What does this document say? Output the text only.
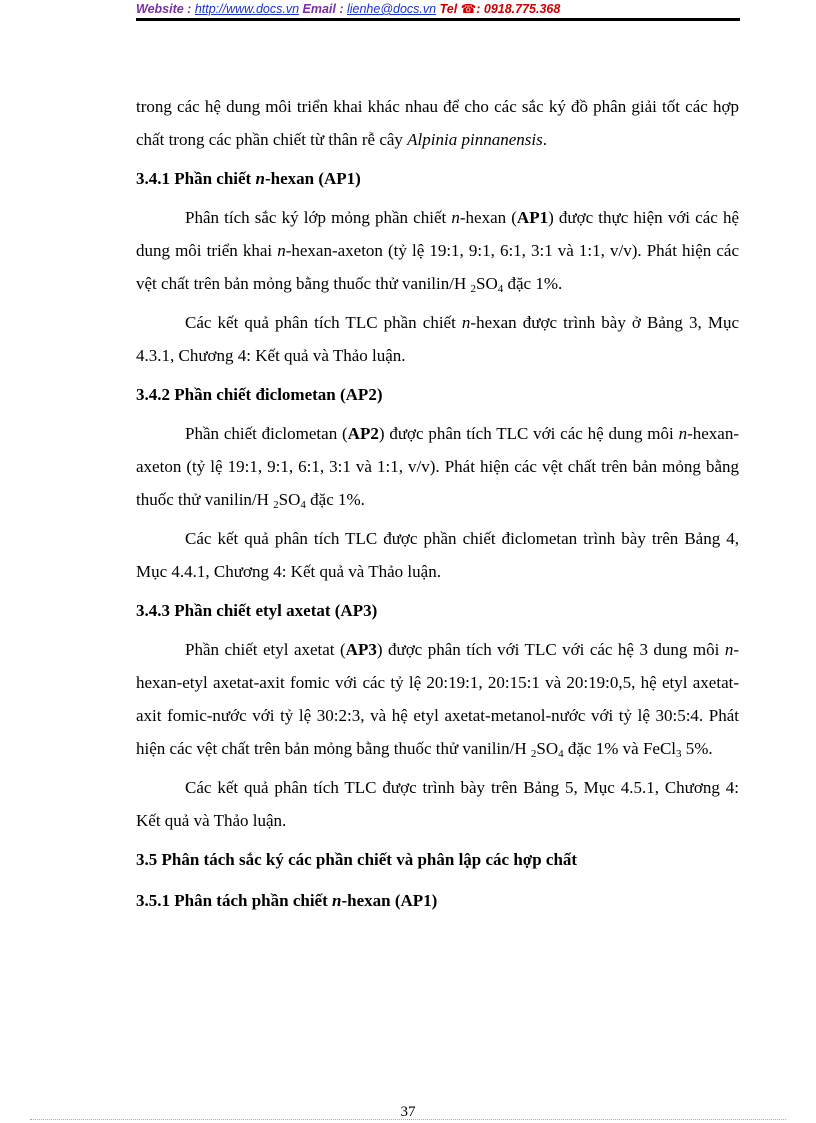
Website : http://www.docs.vn Email : lienhe@docs.vn Tel ☎: 0918.775.368

trong các hệ dung môi triển khai khác nhau để cho các sắc ký đồ phân giải tốt các hợp chất trong các phần chiết từ thân rễ cây Alpinia pinnanensis.

3.4.1 Phần chiết n-hexan (AP1)

Phân tích sắc ký lớp mỏng phần chiết n-hexan (AP1) được thực hiện với các hệ dung môi triển khai n-hexan-axeton (tỷ lệ 19:1, 9:1, 6:1, 3:1 và 1:1, v/v). Phát hiện các vệt chất trên bản mỏng bằng thuốc thử vanilin/H $_2SO_4$ đặc 1%.

Các kết quả phân tích TLC phần chiết n-hexan được trình bày ở Bảng 3, Mục 4.3.1, Chương 4: Kết quả và Thảo luận.

3.4.2 Phần chiết điclometan (AP2)

Phần chiết điclometan (AP2) được phân tích TLC với các hệ dung môi n-hexan-axeton (tỷ lệ 19:1, 9:1, 6:1, 3:1 và 1:1, v/v). Phát hiện các vệt chất trên bản mỏng bằng thuốc thử vanilin/H $_2SO_4$ đặc 1%.

Các kết quả phân tích TLC được phần chiết điclometan trình bày trên Bảng 4, Mục 4.4.1, Chương 4: Kết quả và Thảo luận.

3.4.3 Phần chiết etyl axetat (AP3)

Phần chiết etyl axetat (AP3) được phân tích với TLC với các hệ 3 dung môi n-hexan-etyl axetat-axit fomic với các tỷ lệ 20:19:1, 20:15:1 và 20:19:0,5, hệ etyl axetat-axit fomic-nước với tỷ lệ 30:2:3, và hệ etyl axetat-metanol-nước với tỷ lệ 30:5:4. Phát hiện các vệt chất trên bản mỏng bằng thuốc thử vanilin/H $_2SO_4$ đặc 1% và FeCl$_3$ 5%.

Các kết quả phân tích TLC được trình bày trên Bảng 5, Mục 4.5.1, Chương 4: Kết quả và Thảo luận.

3.5 Phân tách sắc ký các phần chiết và phân lập các hợp chất
3.5.1 Phân tách phần chiết n-hexan (AP1)
37
